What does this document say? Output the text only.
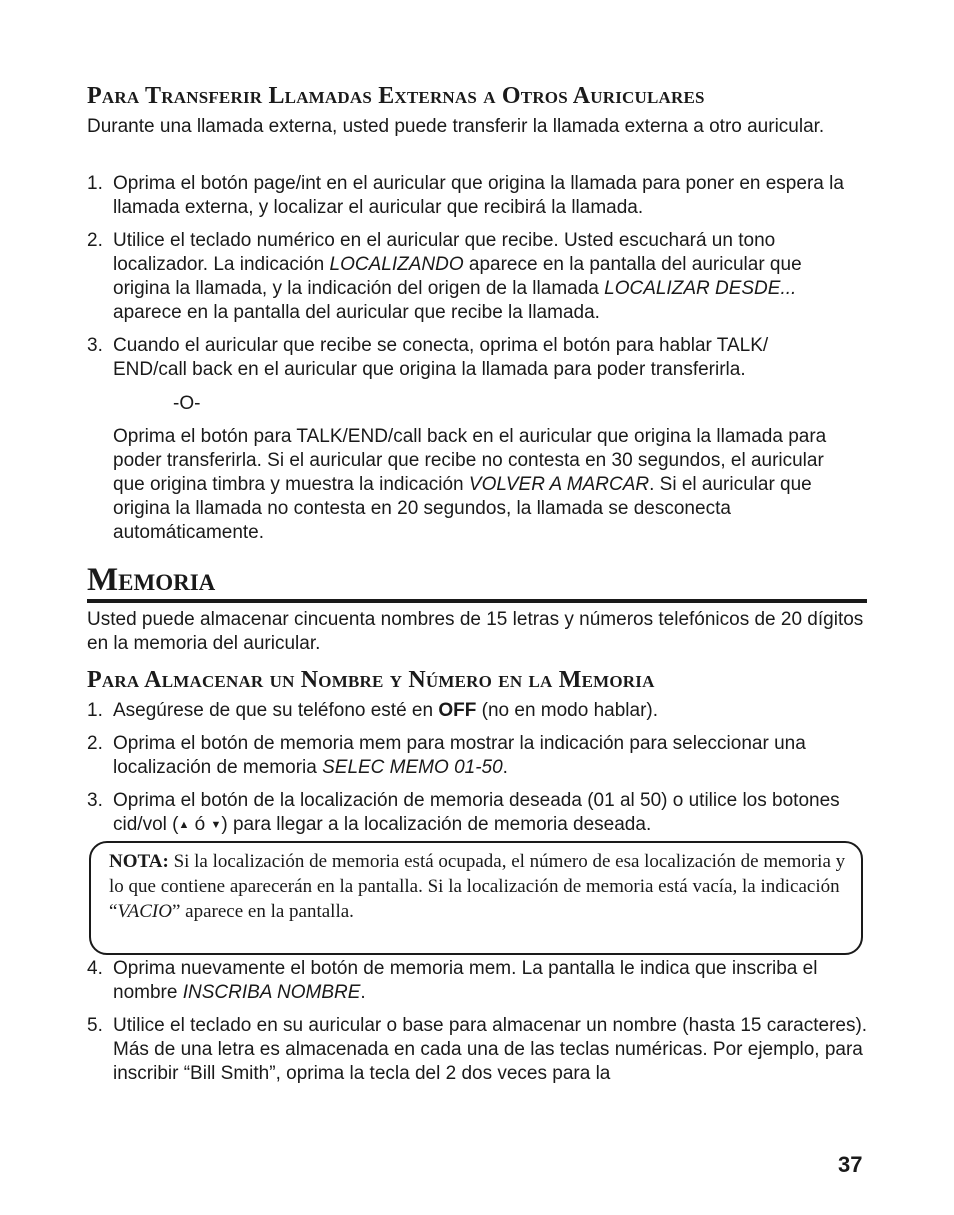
Para Transferir Llamadas Externas a Otros Auriculares

Durante una llamada externa, usted puede transferir la llamada externa a otro auricular.

1. Oprima el botón page/int en el auricular que origina la llamada para poner en espera la llamada externa, y localizar el auricular que recibirá la llamada.
2. Utilice el teclado numérico en el auricular que recibe. Usted escuchará un tono localizador. La indicación LOCALIZANDO aparece en la pantalla del auricular que origina la llamada, y la indicación del origen de la llamada LOCALIZAR DESDE... aparece en la pantalla del auricular que recibe la llamada.
3. Cuando el auricular que recibe se conecta, oprima el botón para hablar TALK/ END/call back en el auricular que origina la llamada para poder transferirla.

-O-

Oprima el botón para TALK/END/call back en el auricular que origina la llamada para poder transferirla. Si el auricular que recibe no contesta en 30 segundos, el auricular que origina timbra y muestra la indicación VOLVER A MARCAR. Si el auricular que origina la llamada no contesta en 20 segundos, la llamada se desconecta automáticamente.

Memoria

Usted puede almacenar cincuenta nombres de 15 letras y números telefónicos de 20 dígitos en la memoria del auricular.

Para Almacenar un Nombre y Número en la Memoria
1. Asegúrese de que su teléfono esté en OFF (no en modo hablar).
2. Oprima el botón de memoria mem para mostrar la indicación para seleccionar una localización de memoria SELEC MEMO 01-50.
3. Oprima el botón de la localización de memoria deseada (01 al 50) o utilice los botones cid/vol (▲ ó ▼) para llegar a la localización de memoria deseada.
NOTA: Si la localización de memoria está ocupada, el número de esa localización de memoria y lo que contiene aparecerán en la pantalla. Si la localización de memoria está vacía, la indicación “VACIO” aparece en la pantalla.
4. Oprima nuevamente el botón de memoria mem. La pantalla le indica que inscriba el nombre INSCRIBA NOMBRE.
5. Utilice el teclado en su auricular o base para almacenar un nombre (hasta 15 caracteres). Más de una letra es almacenada en cada una de las teclas numéricas. Por ejemplo, para inscribir “Bill Smith”, oprima la tecla del 2 dos veces para la
37
